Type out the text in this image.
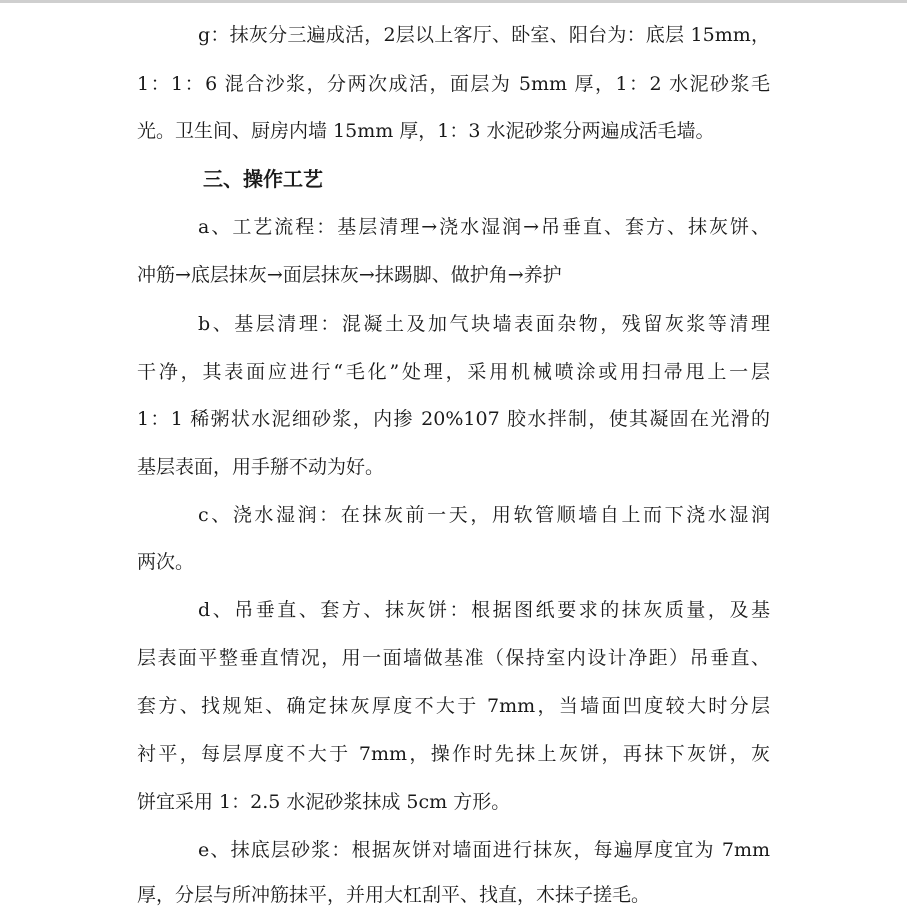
g：抹灰分三遍成活，2层以上客厅、卧室、阳台为：底层 15mm，
1：1：6 混合沙浆，分两次成活，面层为 5mm 厚，1：2 水泥砂浆毛
光。卫生间、厨房内墙 15mm 厚，1：3 水泥砂浆分两遍成活毛墙。
三、操作工艺
a、工艺流程：基层清理→浇水湿润→吊垂直、套方、抹灰饼、
冲筋→底层抹灰→面层抹灰→抹踢脚、做护角→养护
b、基层清理：混凝土及加气块墙表面杂物，残留灰浆等清理
干净，其表面应进行“毛化”处理，采用机械喷涂或用扫帚甩上一层
1：1 稀粥状水泥细砂浆，内掺 20%107 胶水拌制，使其凝固在光滑的
基层表面，用手掰不动为好。
c、浇水湿润：在抹灰前一天，用软管顺墙自上而下浇水湿润
两次。
d、吊垂直、套方、抹灰饼：根据图纸要求的抹灰质量，及基
层表面平整垂直情况，用一面墙做基准（保持室内设计净距）吊垂直、
套方、找规矩、确定抹灰厚度不大于 7mm，当墙面凹度较大时分层
衬平，每层厚度不大于 7mm，操作时先抹上灰饼，再抹下灰饼，灰
饼宜采用 1：2.5 水泥砂浆抹成 5cm 方形。
e、抹底层砂浆：根据灰饼对墙面进行抹灰，每遍厚度宜为 7mm
厚，分层与所冲筋抹平，并用大杠刮平、找直，木抹子搓毛。
